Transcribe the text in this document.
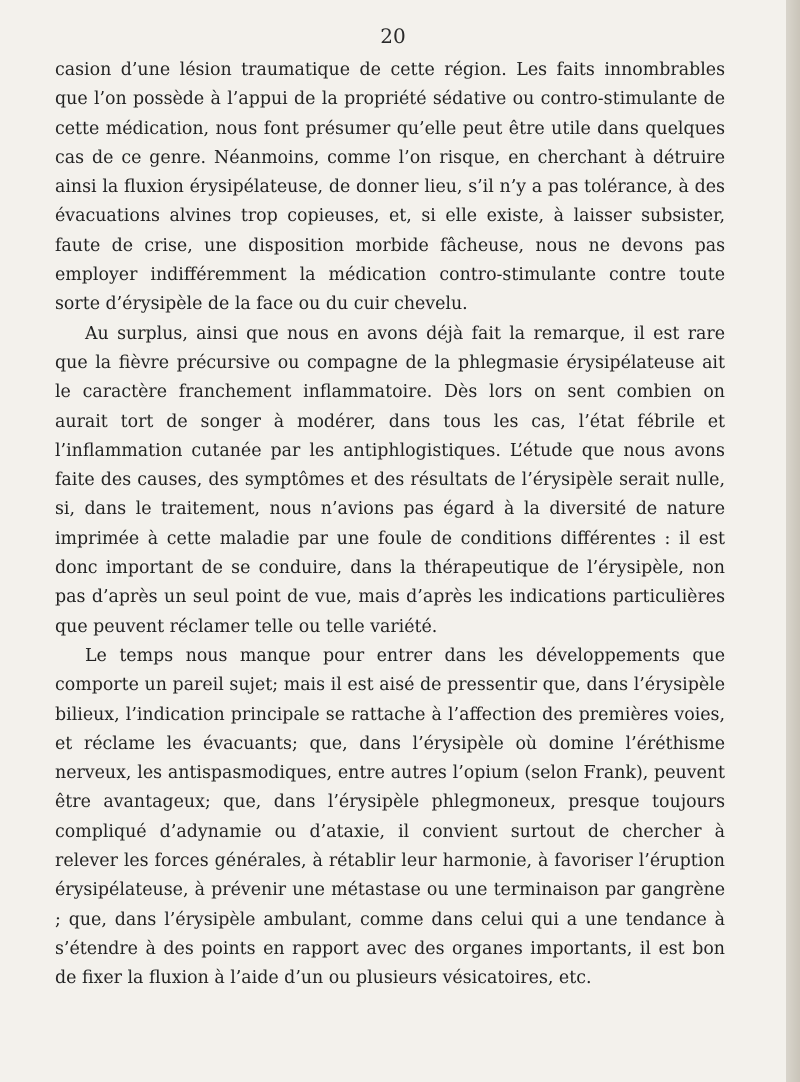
20

casion d’une lésion traumatique de cette région. Les faits innombrables que l’on possède à l’appui de la propriété sédative ou contro-stimulante de cette médication, nous font présumer qu’elle peut être utile dans quelques cas de ce genre. Néanmoins, comme l’on risque, en cherchant à détruire ainsi la fluxion érysipélateuse, de donner lieu, s’il n’y a pas tolérance, à des évacuations alvines trop copieuses, et, si elle existe, à laisser subsister, faute de crise, une disposition morbide fâcheuse, nous ne devons pas employer indifféremment la médication contro-stimulante contre toute sorte d’érysipèle de la face ou du cuir chevelu.

Au surplus, ainsi que nous en avons déjà fait la remarque, il est rare que la fièvre précursive ou compagne de la phlegmasie érysipélateuse ait le caractère franchement inflammatoire. Dès lors on sent combien on aurait tort de songer à modérer, dans tous les cas, l’état fébrile et l’inflammation cutanée par les antiphlogistiques. L’étude que nous avons faite des causes, des symptômes et des résultats de l’érysipèle serait nulle, si, dans le traitement, nous n’avions pas égard à la diversité de nature imprimée à cette maladie par une foule de conditions différentes : il est donc important de se conduire, dans la thérapeutique de l’érysipèle, non pas d’après un seul point de vue, mais d’après les indications particulières que peuvent réclamer telle ou telle variété.

Le temps nous manque pour entrer dans les développements que comporte un pareil sujet; mais il est aisé de pressentir que, dans l’érysipèle bilieux, l’indication principale se rattache à l’affection des premières voies, et réclame les évacuants; que, dans l’érysipèle où domine l’éréthisme nerveux, les antispasmodiques, entre autres l’opium (selon Frank), peuvent être avantageux; que, dans l’érysipèle phlegmoneux, presque toujours compliqué d’adynamie ou d’ataxie, il convient surtout de chercher à relever les forces générales, à rétablir leur harmonie, à favoriser l’éruption érysipélateuse, à prévenir une métastase ou une terminaison par gangrène ; que, dans l’érysipèle ambulant, comme dans celui qui a une tendance à s’étendre à des points en rapport avec des organes importants, il est bon de fixer la fluxion à l’aide d’un ou plusieurs vésicatoires, etc.
